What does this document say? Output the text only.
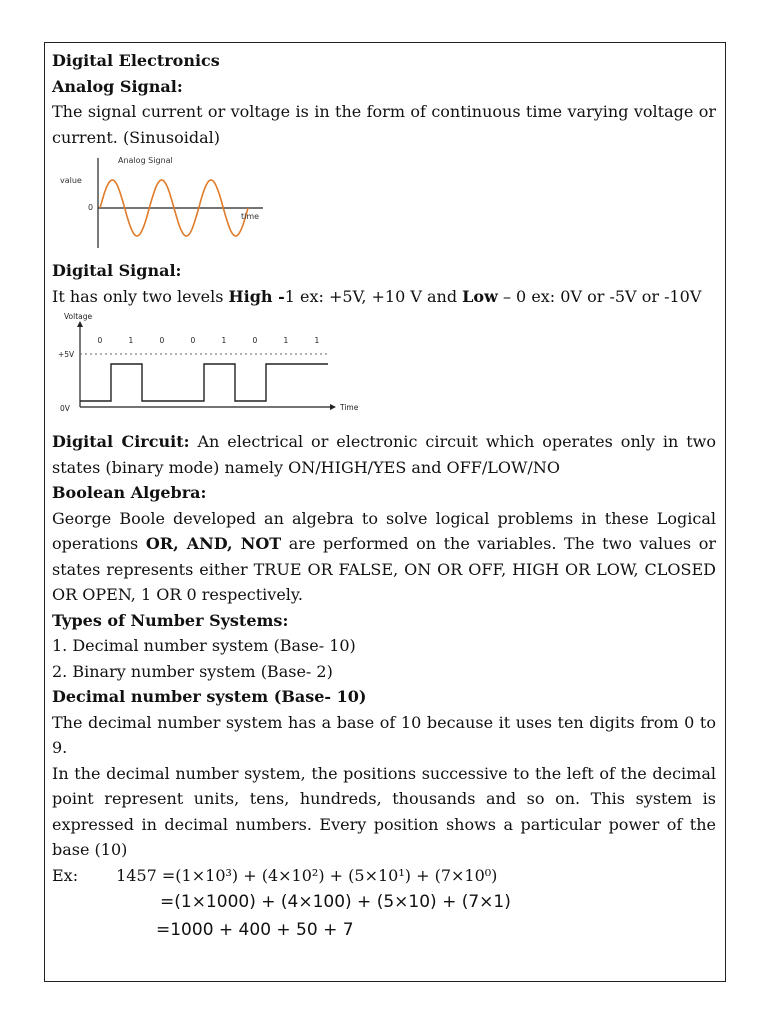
Digital Electronics
Analog Signal:
The signal current or voltage is in the form of continuous time varying voltage or current. (Sinusoidal)
Analog Signal
value
0
time
Digital Signal:
It has only two levels High -1 ex: +5V, +10 V and Low – 0 ex: 0V or -5V or -10V
Voltage
+5V
0V	Time
0	1	0	0	1	0	1	1
Digital Circuit: An electrical or electronic circuit which operates only in two states (binary mode) namely ON/HIGH/YES and OFF/LOW/NO
Boolean Algebra:
George Boole developed an algebra to solve logical problems in these Logical operations OR, AND, NOT are performed on the variables. The two values or states represents either TRUE OR FALSE, ON OR OFF, HIGH OR LOW, CLOSED OR OPEN, 1 OR 0 respectively.
Types of Number Systems:
1. Decimal number system (Base- 10)
2. Binary number system (Base- 2)
Decimal number system (Base- 10)
The decimal number system has a base of 10 because it uses ten digits from 0 to 9.
In the decimal number system, the positions successive to the left of the decimal point represent units, tens, hundreds, thousands and so on. This system is expressed in decimal numbers. Every position shows a particular power of the base (10)
Ex: 1457 =(1×10³) + (4×10²) + (5×10¹) + (7×10⁰)
=(1×1000) + (4×100) + (5×10) + (7×1)
=1000 + 400 + 50 + 7
